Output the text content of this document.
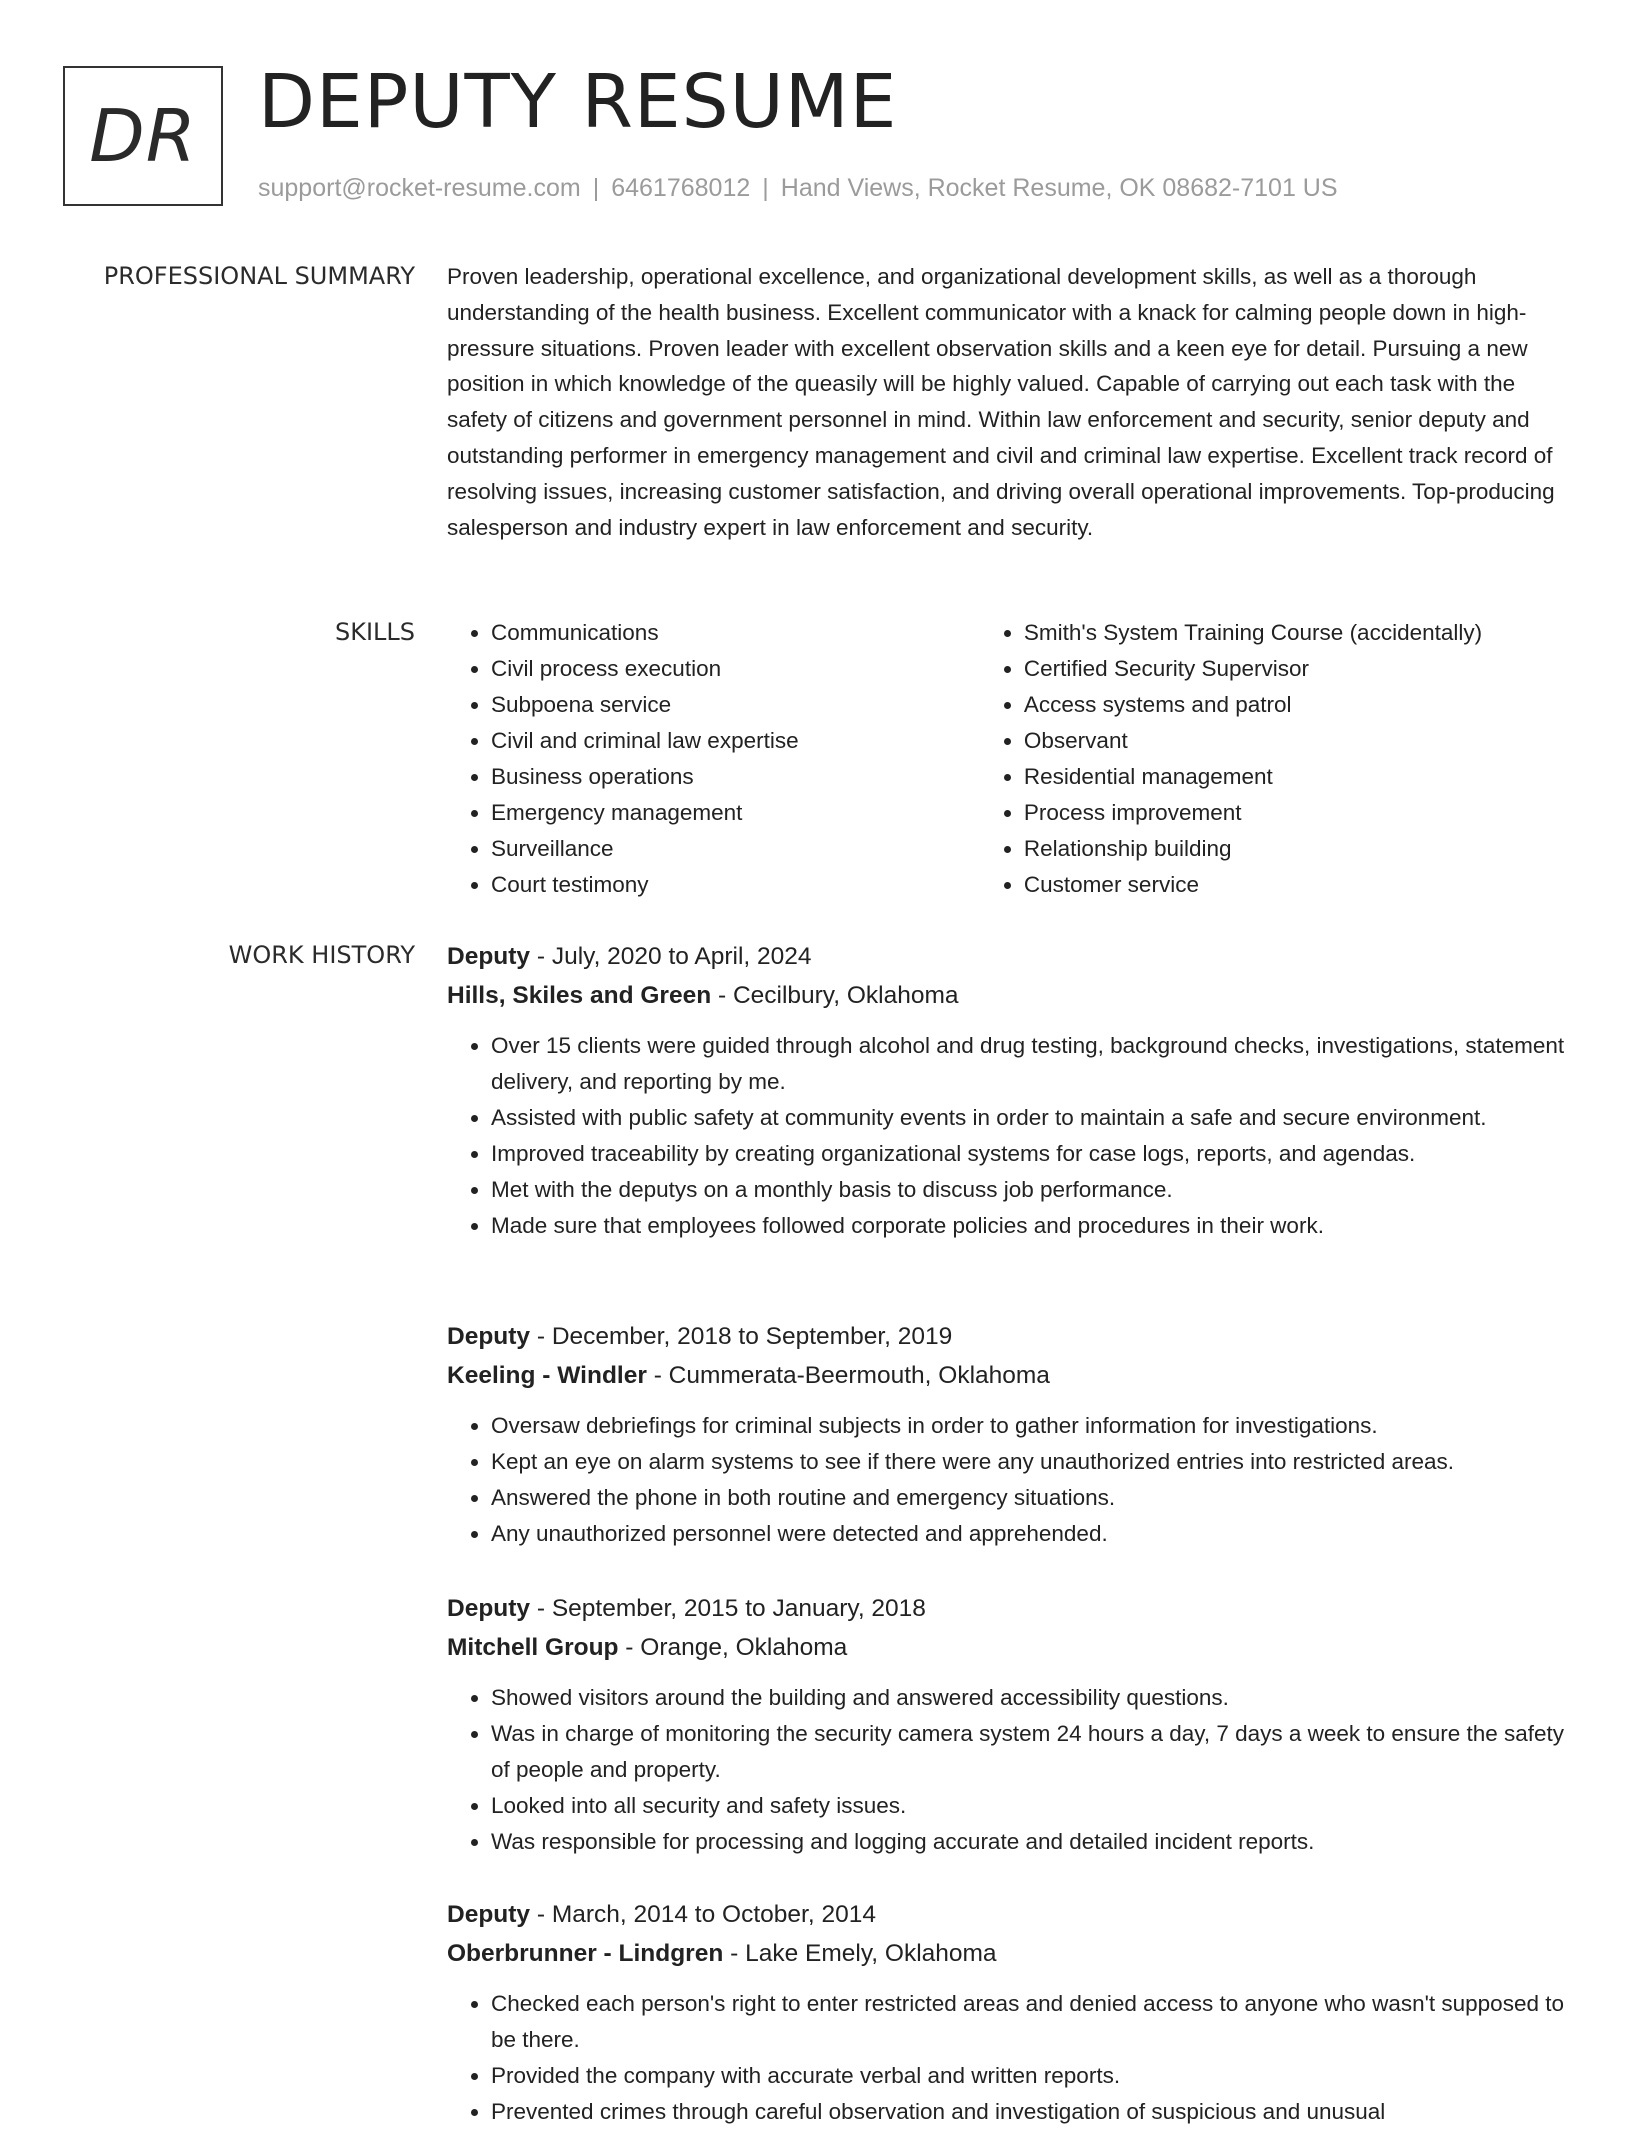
DR DEPUTY RESUME
support@rocket-resume.com | 6461768012 | Hand Views, Rocket Resume, OK 08682-7101 US
PROFESSIONAL SUMMARY Proven leadership, operational excellence, and organizational development skills, as well as a thorough understanding of the health business. Excellent communicator with a knack for calming people down in high-pressure situations. Proven leader with excellent observation skills and a keen eye for detail. Pursuing a new position in which knowledge of the queasily will be highly valued. Capable of carrying out each task with the safety of citizens and government personnel in mind. Within law enforcement and security, senior deputy and outstanding performer in emergency management and civil and criminal law expertise. Excellent track record of resolving issues, increasing customer satisfaction, and driving overall operational improvements. Top-producing salesperson and industry expert in law enforcement and security.

SKILLS
•	Communications
• Civil process execution
• Subpoena service
• Civil and criminal law expertise
• Business operations
• Emergency management
• Surveillance
• Court testimony
• Smith's System Training Course (accidentally)
• Certified Security Supervisor
• Access systems and patrol
• Observant
• Residential management
• Process improvement
• Relationship building
• Customer service
WORK HISTORY Deputy - July, 2020 to April, 2024
Hills, Skiles and Green - Cecilbury, Oklahoma
• Over 15 clients were guided through alcohol and drug testing, background checks, investigations, statement delivery, and reporting by me.
• Assisted with public safety at community events in order to maintain a safe and secure environment.
• Improved traceability by creating organizational systems for case logs, reports, and agendas.
• Met with the deputys on a monthly basis to discuss job performance.
• Made sure that employees followed corporate policies and procedures in their work.
Deputy - December, 2018 to September, 2019
Keeling - Windler - Cummerata-Beermouth, Oklahoma
• Oversaw debriefings for criminal subjects in order to gather information for investigations.
• Kept an eye on alarm systems to see if there were any unauthorized entries into restricted areas.
• Answered the phone in both routine and emergency situations.
• Any unauthorized personnel were detected and apprehended.
Deputy - September, 2015 to January, 2018
Mitchell Group - Orange, Oklahoma
• Showed visitors around the building and answered accessibility questions.
• Was in charge of monitoring the security camera system 24 hours a day, 7 days a week to ensure the safety of people and property.
• Looked into all security and safety issues.
• Was responsible for processing and logging accurate and detailed incident reports.
Deputy - March, 2014 to October, 2014
Oberbrunner - Lindgren - Lake Emely, Oklahoma
• Checked each person's right to enter restricted areas and denied access to anyone who wasn't supposed to be there.
• Provided the company with accurate verbal and written reports.
• Prevented crimes through careful observation and investigation of suspicious and unusual
